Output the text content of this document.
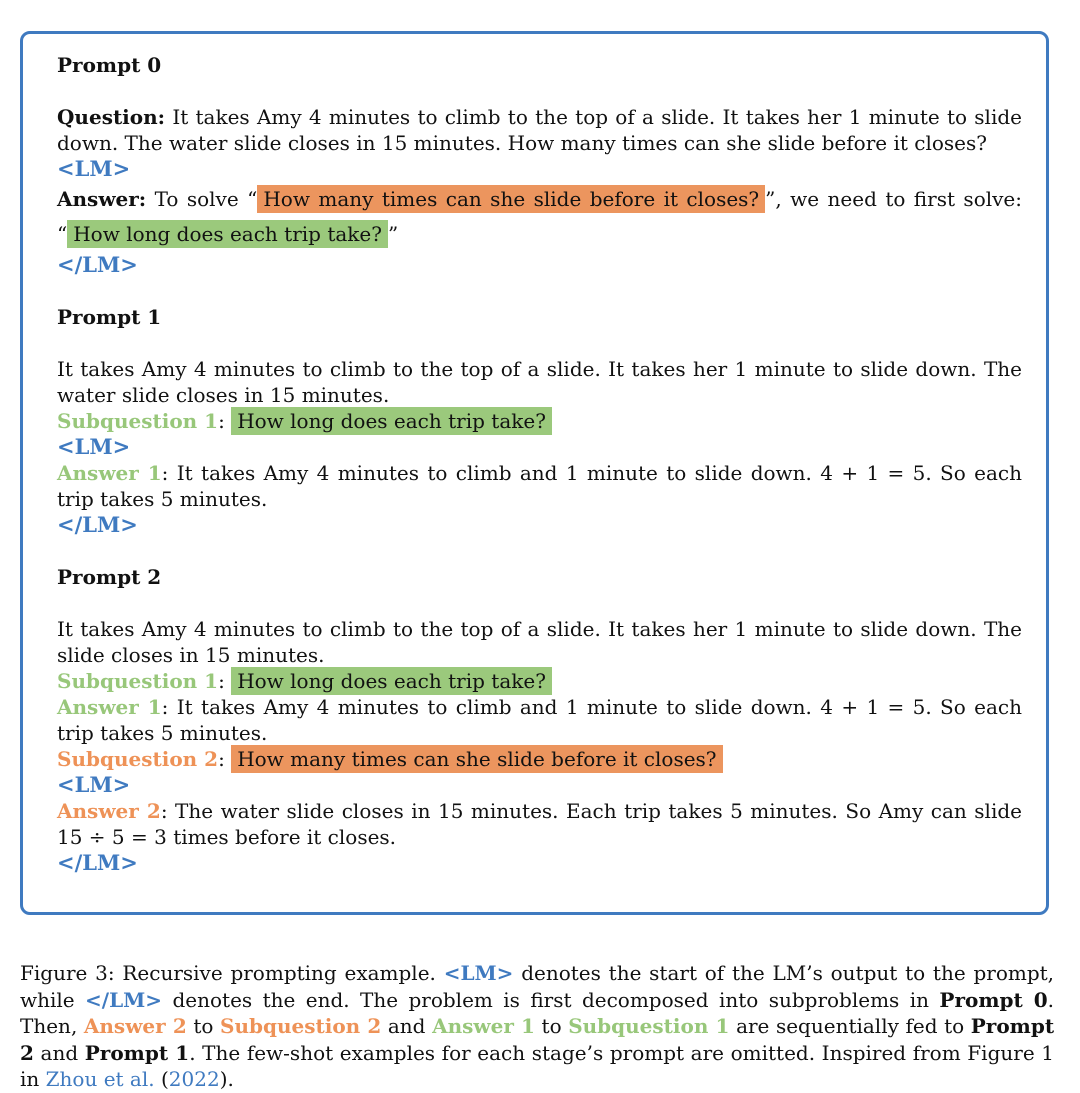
Prompt 0

Question: It takes Amy 4 minutes to climb to the top of a slide. It takes her 1 minute to slide down. The water slide closes in 15 minutes. How many times can she slide before it closes?

<LM>

Answer: To solve “ How many times can she slide before it closes? ”, we need to first solve: “ How long does each trip take? ”

</LM>

Prompt 1

It takes Amy 4 minutes to climb to the top of a slide. It takes her 1 minute to slide down. The water slide closes in 15 minutes.

Subquestion 1: How long does each trip take?

<LM>

Answer 1: It takes Amy 4 minutes to climb and 1 minute to slide down. 4 + 1 = 5. So each trip takes 5 minutes.

</LM>

Prompt 2

It takes Amy 4 minutes to climb to the top of a slide. It takes her 1 minute to slide down. The slide closes in 15 minutes.

Subquestion 1: How long does each trip take?

Answer 1: It takes Amy 4 minutes to climb and 1 minute to slide down. 4 + 1 = 5. So each trip takes 5 minutes.

Subquestion 2: How many times can she slide before it closes?

<LM>

Answer 2: The water slide closes in 15 minutes. Each trip takes 5 minutes. So Amy can slide 15 ÷ 5 = 3 times before it closes.

</LM>

Figure 3: Recursive prompting example. <LM> denotes the start of the LM’s output to the prompt, while </LM> denotes the end. The problem is first decomposed into subproblems in Prompt 0. Then, Answer 2 to Subquestion 2 and Answer 1 to Subquestion 1 are sequentially fed to Prompt 2 and Prompt 1. The few-shot examples for each stage’s prompt are omitted. Inspired from Figure 1 in Zhou et al. (2022).
